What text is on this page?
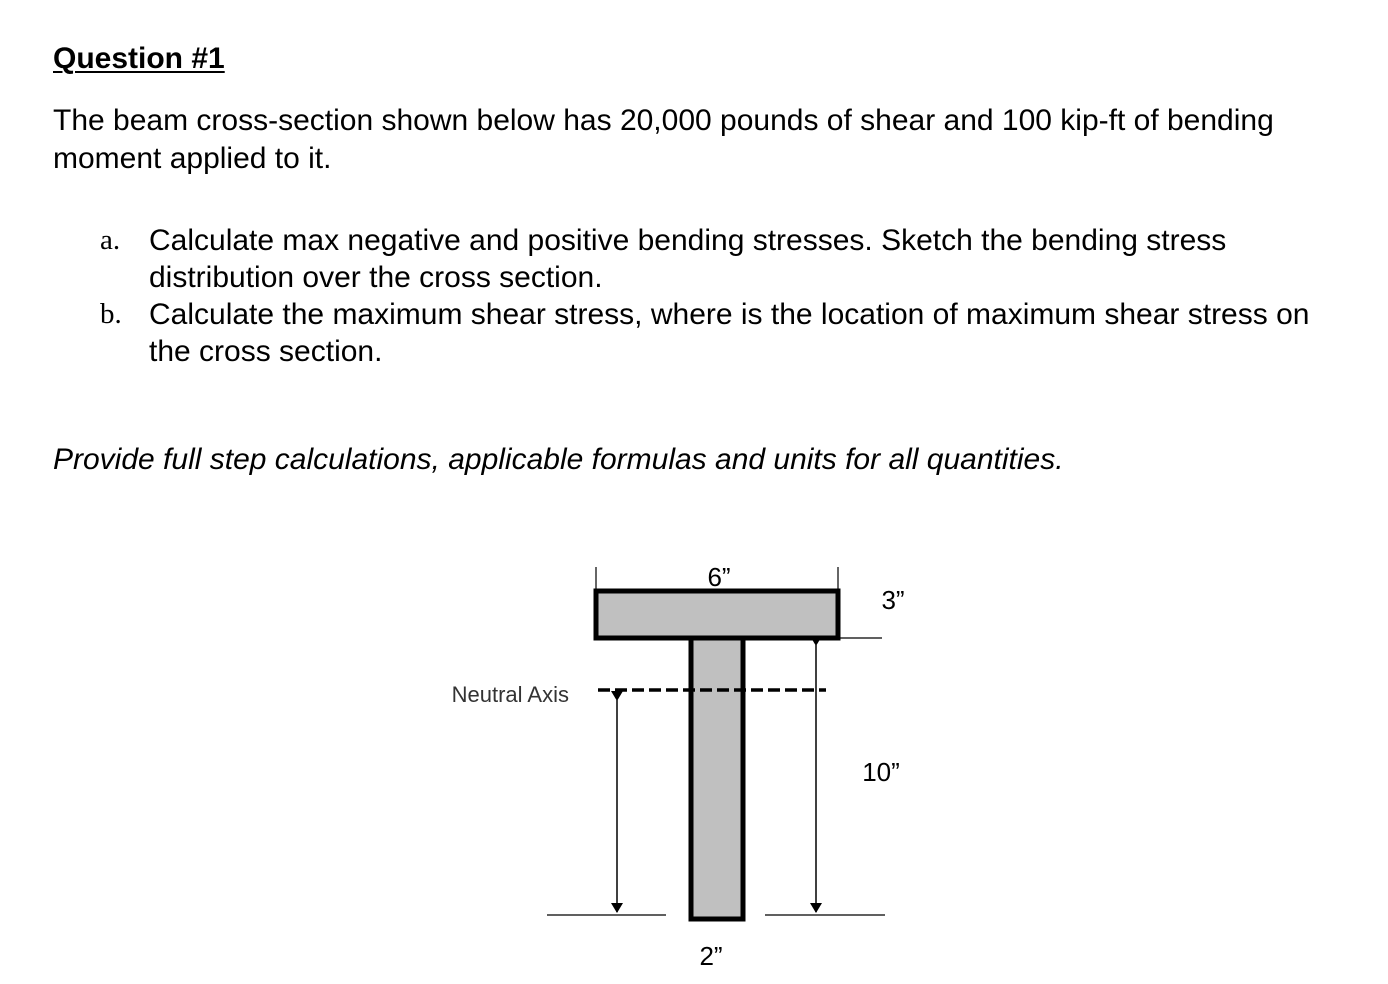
Question #1
The beam cross-section shown below has 20,000 pounds of shear and 100 kip-ft of bending moment applied to it.
a. Calculate max negative and positive bending stresses. Sketch the bending stress distribution over the cross section.
b. Calculate the maximum shear stress, where is the location of maximum shear stress on the cross section.
Provide full step calculations, applicable formulas and units for all quantities.
6”
3”
10”
2”
Neutral Axis
